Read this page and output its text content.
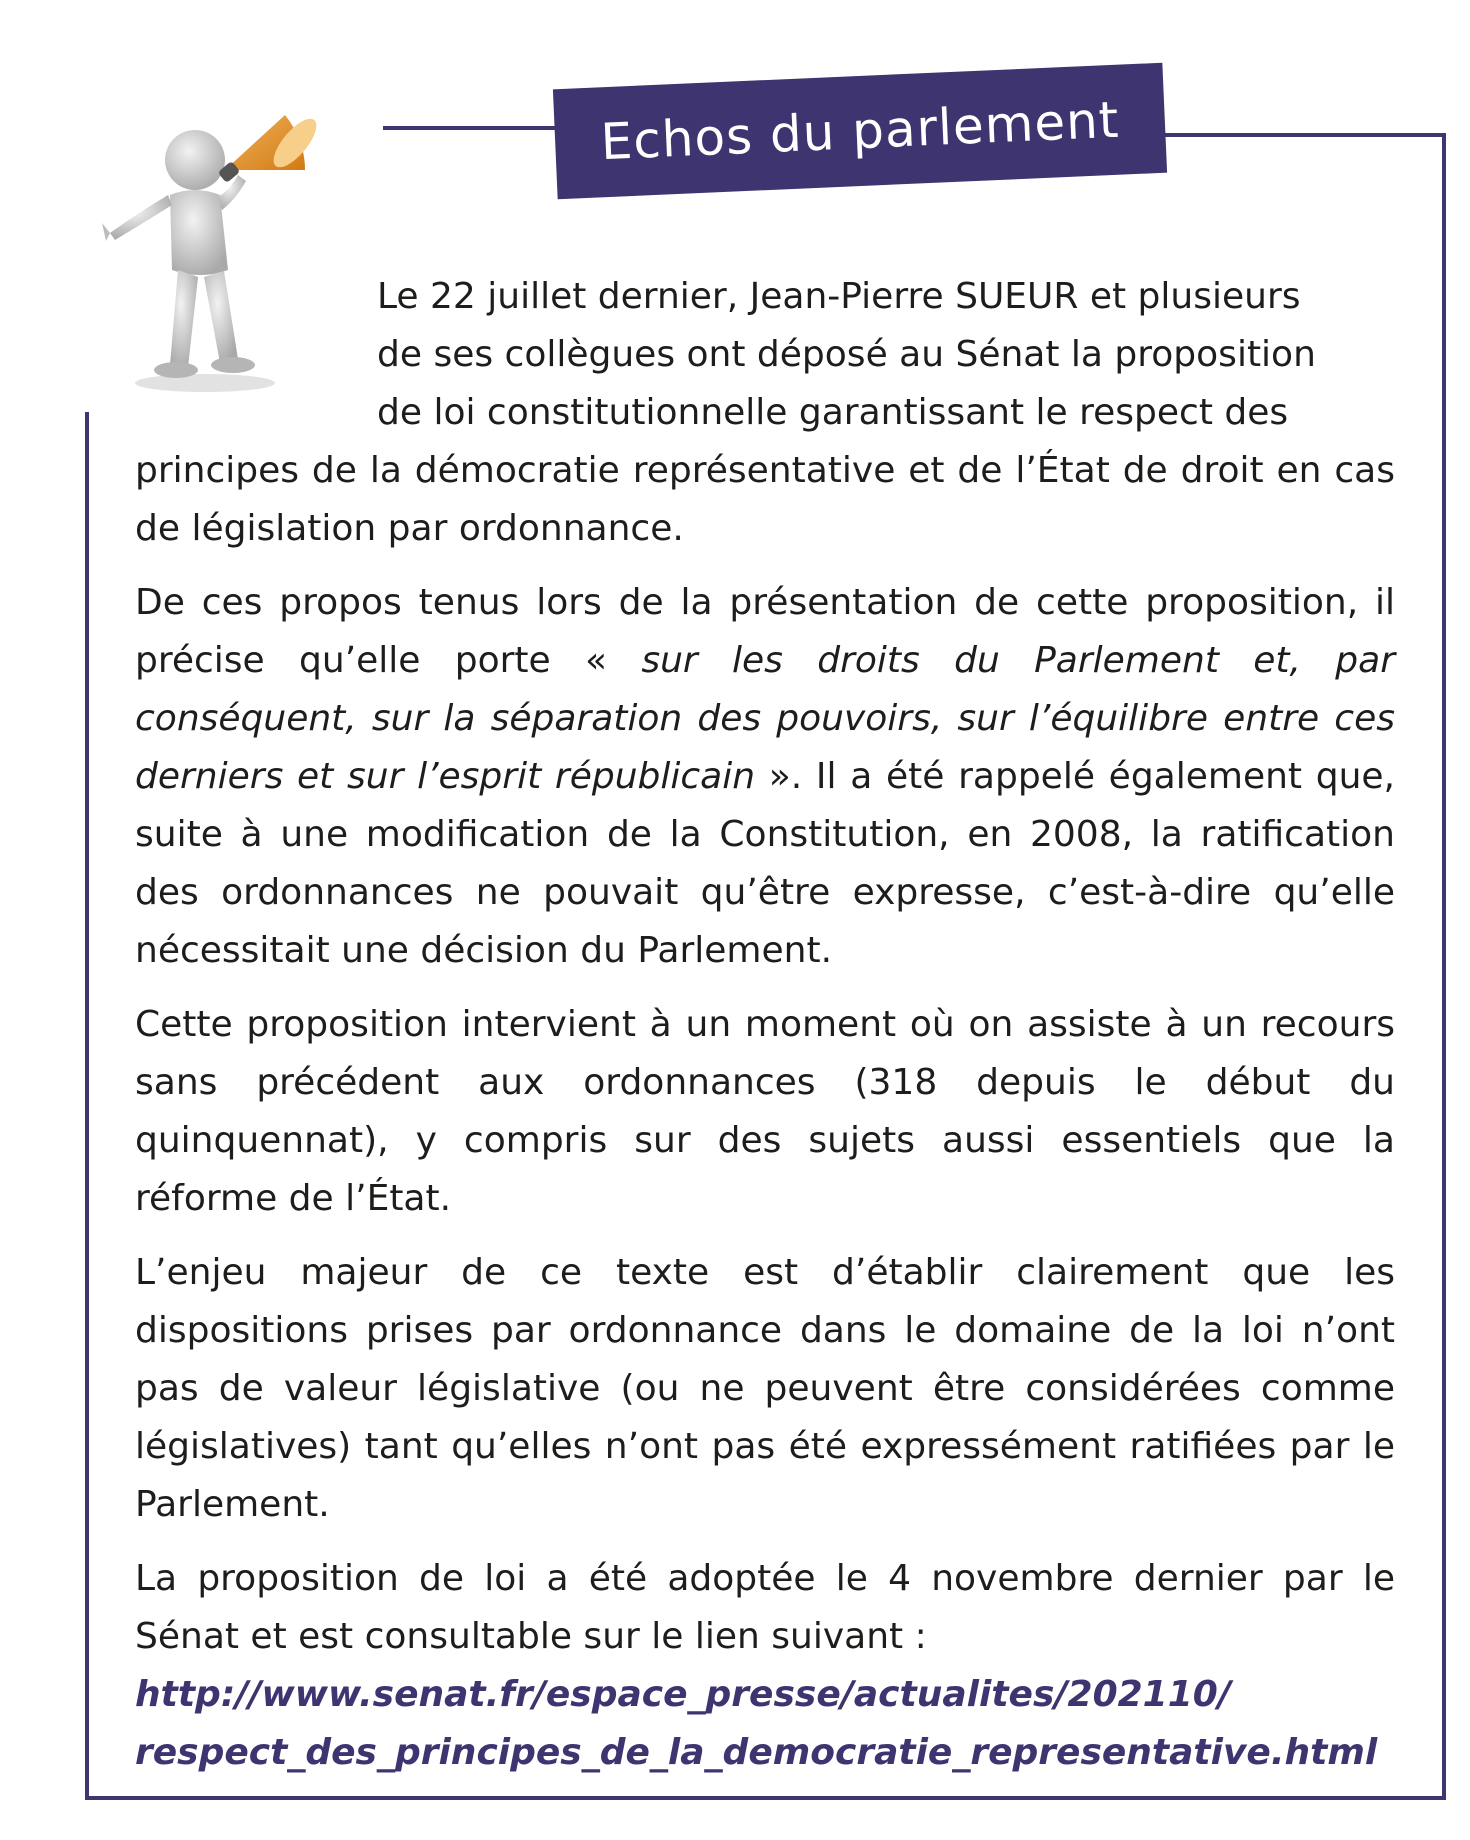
Echos du parlement

Le 22 juillet dernier, Jean-Pierre SUEUR et plusieurs
de ses collègues ont déposé au Sénat la proposition
de loi constitutionnelle garantissant le respect des
principes de la démocratie représentative et de l’État de droit en cas de législation par ordonnance.

De ces propos tenus lors de la présentation de cette proposition, il précise qu’elle porte « sur les droits du Parlement et, par conséquent, sur la séparation des pouvoirs, sur l’équilibre entre ces derniers et sur l’esprit républicain ». Il a été rappelé également que, suite à une modification de la Constitution, en 2008, la ratification des ordonnances ne pouvait qu’être expresse, c’est-à-dire qu’elle nécessitait une décision du Parlement.

Cette proposition intervient à un moment où on assiste à un recours sans précédent aux ordonnances (318 depuis le début du quinquennat), y compris sur des sujets aussi essentiels que la réforme de l’État.

L’enjeu majeur de ce texte est d’établir clairement que les dispositions prises par ordonnance dans le domaine de la loi n’ont pas de valeur législative (ou ne peuvent être considérées comme législatives) tant qu’elles n’ont pas été expressément ratifiées par le Parlement.

La proposition de loi a été adoptée le 4 novembre dernier par le Sénat et est consultable sur le lien suivant :

http://www.senat.fr/espace_presse/actualites/202110/
respect_des_principes_de_la_democratie_representative.html
